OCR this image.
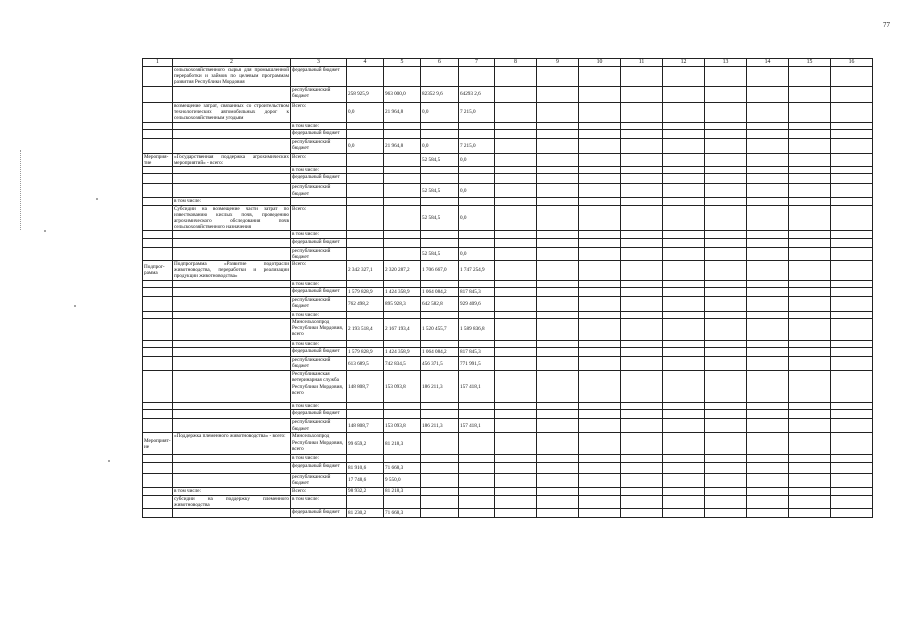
77
1	2	3	4	5	6	7	8	9	10	11	12	13	14	15	16
	сельскохозяйственного сырья для промышленной переработки и займов по целевым программам развития Республики Мордовия	федеральный бюджет													
		республиканский бюджет	258 925,9	963 000,0	82352 9,6	64293 2,6									
	возмещение затрат, связанных со строительством технологических автомобильных дорог к сельскохозяйственным угодьям	Всего:	0,0	21 964,8	0,0	7 215,0									
		в том числе:													
		федеральный бюджет													
		республиканский бюджет	0,0	21 964,8	0,0	7 215,0									
Мероприя-тие	«Государственная поддержка агрохимических мероприятий» - всего:	Всего:			52 584,5	0,0									
		в том числе:													
		федеральный бюджет													
		республиканский бюджет			52 584,5	0,0									
	в том числе:														
	Субсидии на возмещение части затрат по известкованию кислых почв, проведению агрохимического обследования почв сельскохозяйственного назначения	Всего:			52 584,5	0,0									
		в том числе:													
		федеральный бюджет													
		республиканский бюджет			52 584,5	0,0									
Подпрог-рамма	Подпрограмма «Развитие подотрасли животноводства, переработки и реализации продукции животноводства»	Всего:	2 342 327,1	2 320 287,2	1 706 667,0	1 747 254,9									
		в том числе:													
		федеральный бюджет	1 579 828,9	1 424 358,9	1 064 084,2	817 845,3									
		республиканский бюджет	762 498,2	895 928,3	642 582,8	929 409,6									
		в том числе:													
		Минсельхозпрод Республики Мордовия, всего	2 193 518,4	2 167 193,4	1 520 455,7	1 589 836,8									
		в том числе:													
		федеральный бюджет	1 579 828,9	1 424 358,9	1 064 084,2	817 845,3									
		республиканский бюджет	613 689,5	742 834,5	456 371,5	771 991,5									
		Республиканская ветеринарная служба Республики Мордовия, всего	148 808,7	153 093,8	186 211,3	157 418,1									
		в том числе:													
		федеральный бюджет													
		республиканский бюджет	148 808,7	153 093,8	186 211,3	157 418,1									
Мероприят-ие	«Поддержка племенного животноводства» - всего:	Минсельхозпрод Республики Мордовия, всего	99 659,2	81 218,3											
		в том числе:													
		федеральный бюджет	81 910,6	71 668,3											
		республиканский бюджет	17 748,6	9 550,0											
	в том числе:	Всего:	98 932,2	81 218,3											
	субсидии на поддержку племенного животноводства	в том числе:													
		федеральный бюджет	81 230,2	71 668,3											
